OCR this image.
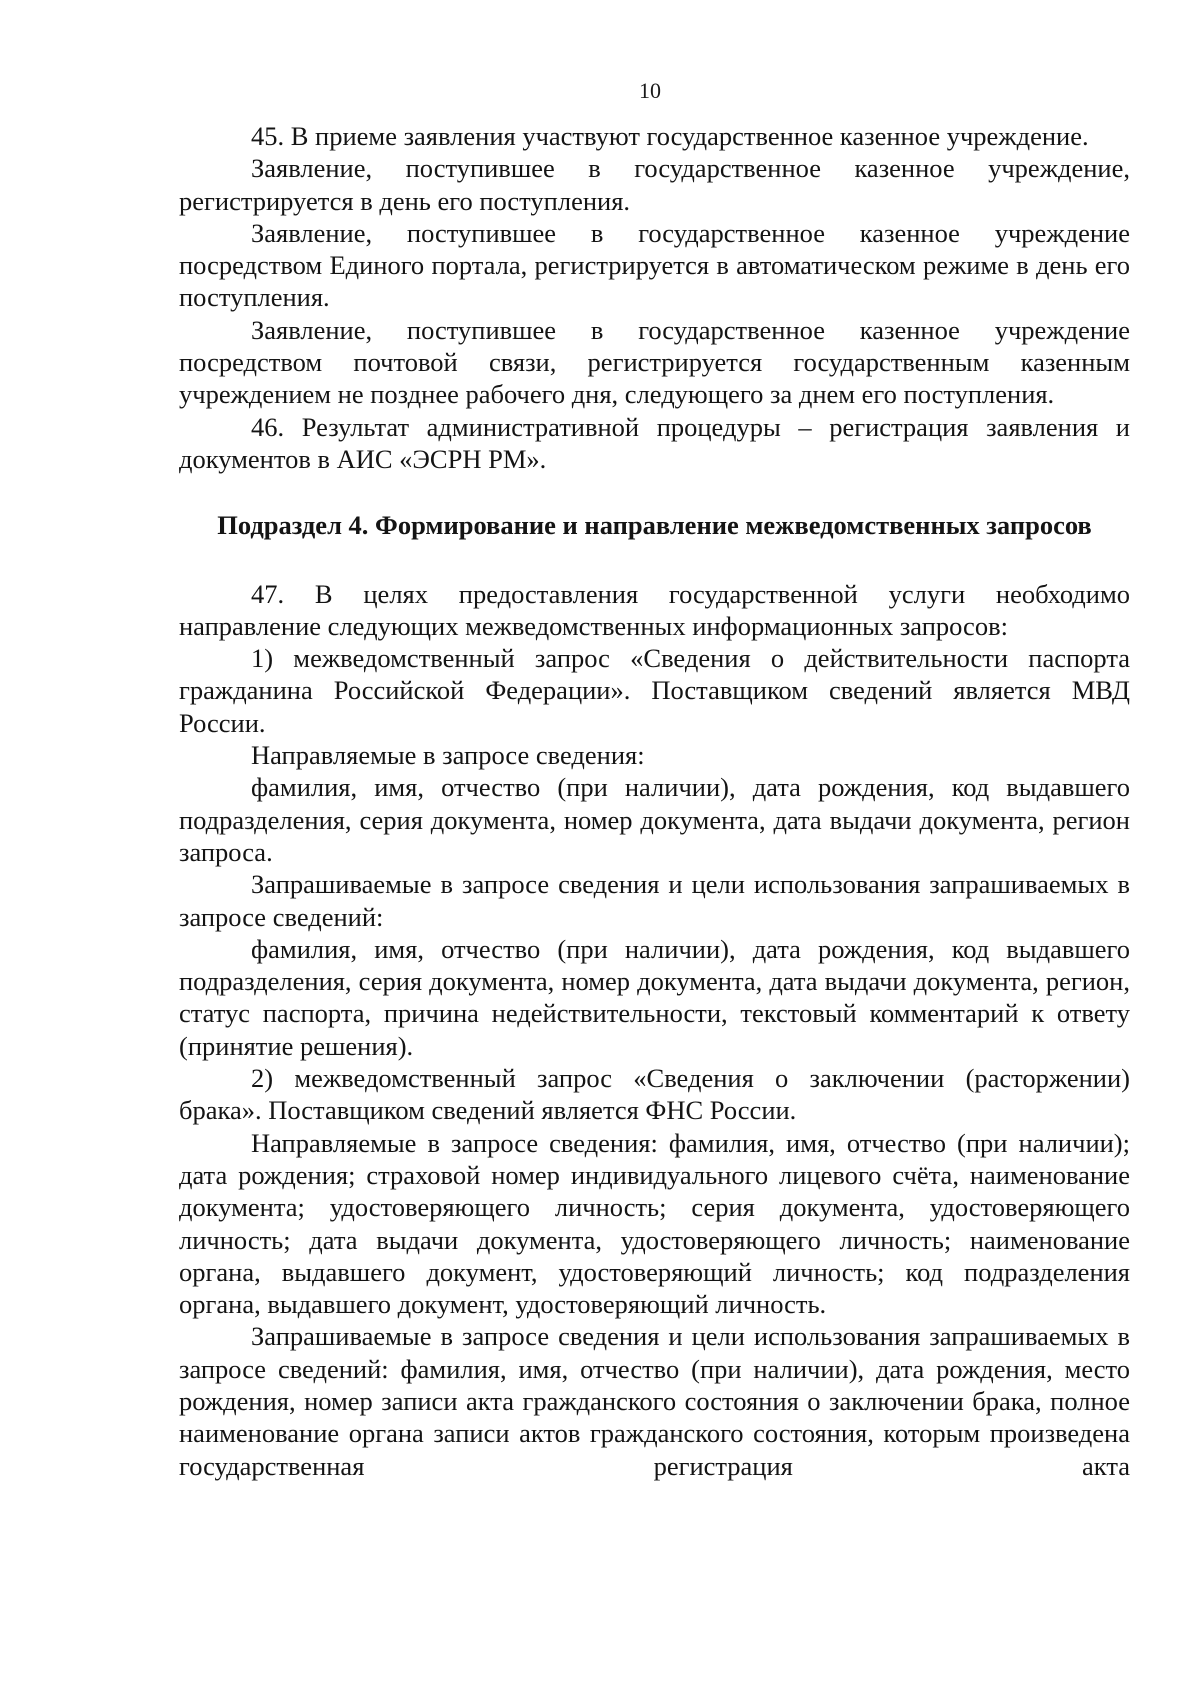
10

45. В приеме заявления участвуют государственное казенное учреждение.

Заявление, поступившее в государственное казенное учреждение, регистрируется в день его поступления.

Заявление, поступившее в государственное казенное учреждение посредством Единого портала, регистрируется в автоматическом режиме в день его поступления.

Заявление, поступившее в государственное казенное учреждение посредством почтовой связи, регистрируется государственным казенным учреждением не позднее рабочего дня, следующего за днем его поступления.

46. Результат административной процедуры – регистрация заявления и документов в АИС «ЭСРН РМ».

Подраздел 4. Формирование и направление межведомственных запросов

47. В целях предоставления государственной услуги необходимо направление следующих межведомственных информационных запросов:

1) межведомственный запрос «Сведения о действительности паспорта гражданина Российской Федерации». Поставщиком сведений является МВД России.

Направляемые в запросе сведения:

фамилия, имя, отчество (при наличии), дата рождения, код выдавшего подразделения, серия документа, номер документа, дата выдачи документа, регион запроса.

Запрашиваемые в запросе сведения и цели использования запрашиваемых в запросе сведений:

фамилия, имя, отчество (при наличии), дата рождения, код выдавшего подразделения, серия документа, номер документа, дата выдачи документа, регион, статус паспорта, причина недействительности, текстовый комментарий к ответу (принятие решения).

2) межведомственный запрос «Сведения о заключении (расторжении) брака». Поставщиком сведений является ФНС России.

Направляемые в запросе сведения: фамилия, имя, отчество (при наличии); дата рождения; страховой номер индивидуального лицевого счёта, наименование документа; удостоверяющего личность; серия документа, удостоверяющего личность; дата выдачи документа, удостоверяющего личность; наименование органа, выдавшего документ, удостоверяющий личность; код подразделения органа, выдавшего документ, удостоверяющий личность.

Запрашиваемые в запросе сведения и цели использования запрашиваемых в запросе сведений: фамилия, имя, отчество (при наличии), дата рождения, место рождения, номер записи акта гражданского состояния о заключении брака, полное наименование органа записи актов гражданского состояния, которым произведена государственная регистрация акта
